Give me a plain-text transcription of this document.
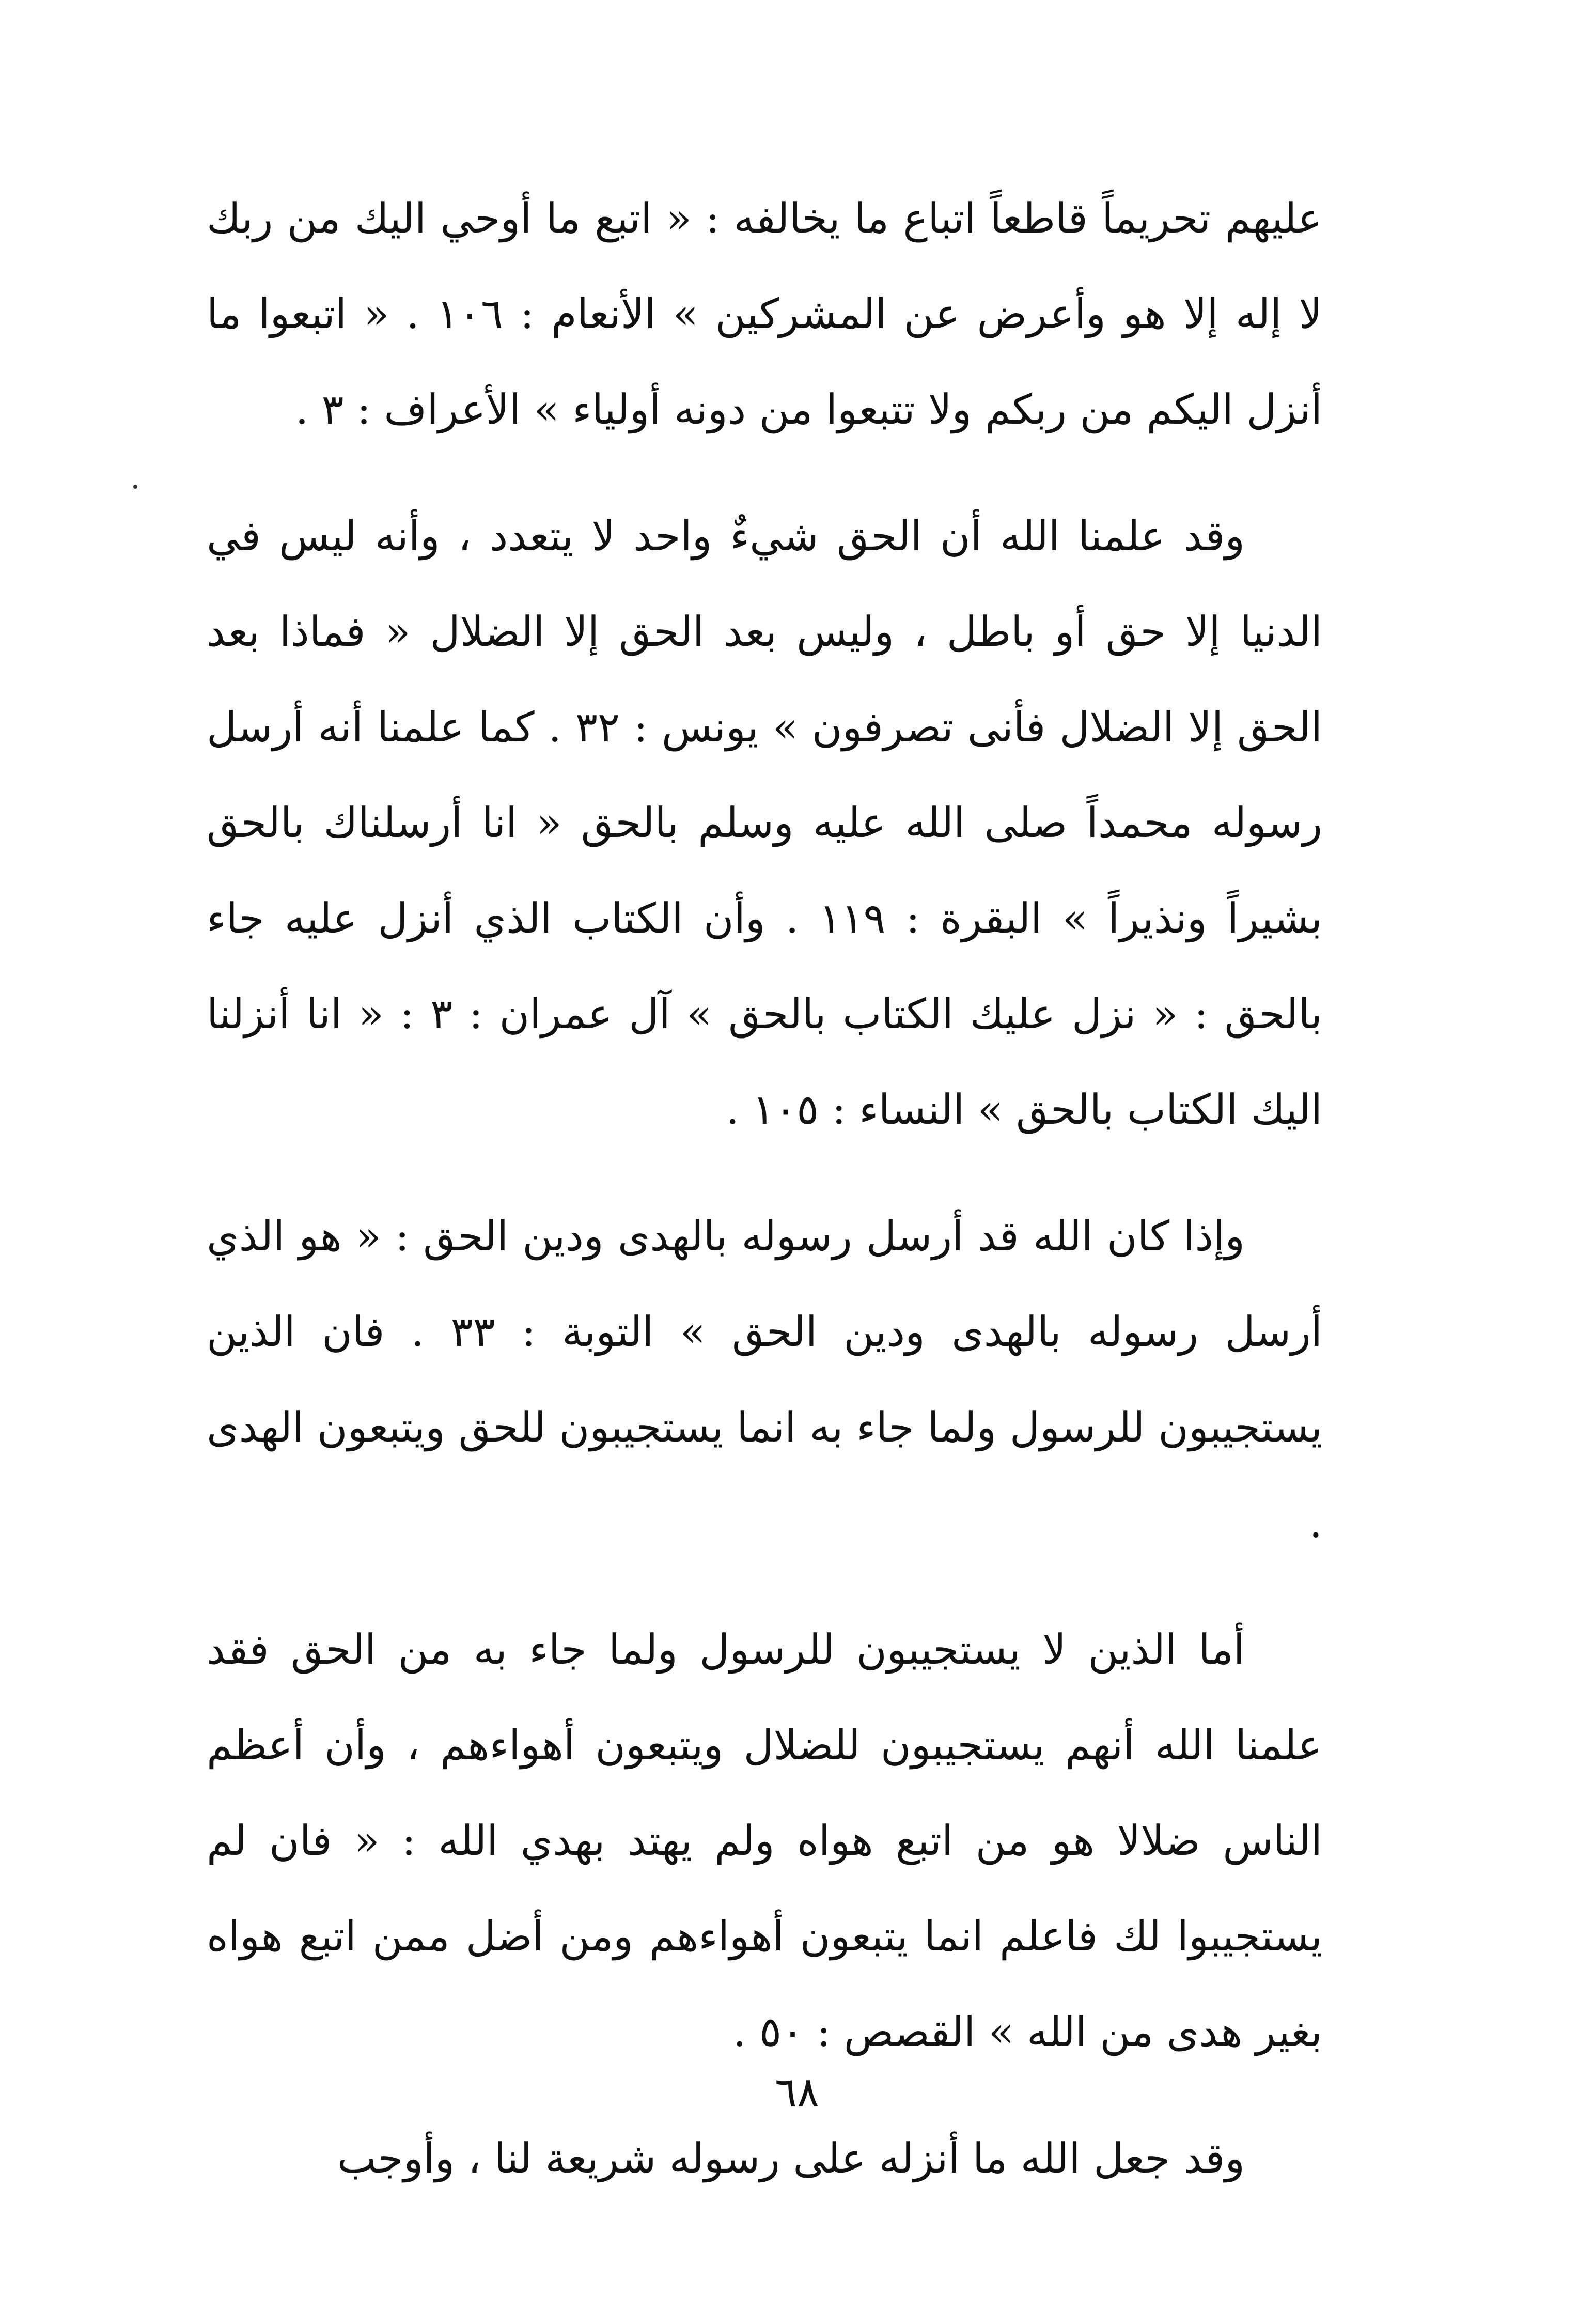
عليهم تحريماً قاطعاً اتباع ما يخالفه : « اتبع ما أوحي اليك من ربك لا إله إلا هو وأعرض عن المشركين » الأنعام : ١٠٦ . « اتبعوا ما أنزل اليكم من ربكم ولا تتبعوا من دونه أولياء » الأعراف : ٣ .

وقد علمنا الله أن الحق شيءٌ واحد لا يتعدد ، وأنه ليس في الدنيا إلا حق أو باطل ، وليس بعد الحق إلا الضلال « فماذا بعد الحق إلا الضلال فأنى تصرفون » يونس : ٣٢ . كما علمنا أنه أرسل رسوله محمداً صلى الله عليه وسلم بالحق « انا أرسلناك بالحق بشيراً ونذيراً » البقرة : ١١٩ . وأن الكتاب الذي أنزل عليه جاء بالحق : « نزل عليك الكتاب بالحق » آل عمران : ٣ : « انا أنزلنا اليك الكتاب بالحق » النساء : ١٠٥ .

وإذا كان الله قد أرسل رسوله بالهدى ودين الحق : « هو الذي أرسل رسوله بالهدى ودين الحق » التوبة : ٣٣ . فان الذين يستجيبون للرسول ولما جاء به انما يستجيبون للحق ويتبعون الهدى .

أما الذين لا يستجيبون للرسول ولما جاء به من الحق فقد علمنا الله أنهم يستجيبون للضلال ويتبعون أهواءهم ، وأن أعظم الناس ضلالا هو من اتبع هواه ولم يهتد بهدي الله : « فان لم يستجيبوا لك فاعلم انما يتبعون أهواءهم ومن أضل ممن اتبع هواه بغير هدى من الله » القصص : ٥٠ .

وقد جعل الله ما أنزله على رسوله شريعة لنا ، وأوجب

٦٨
